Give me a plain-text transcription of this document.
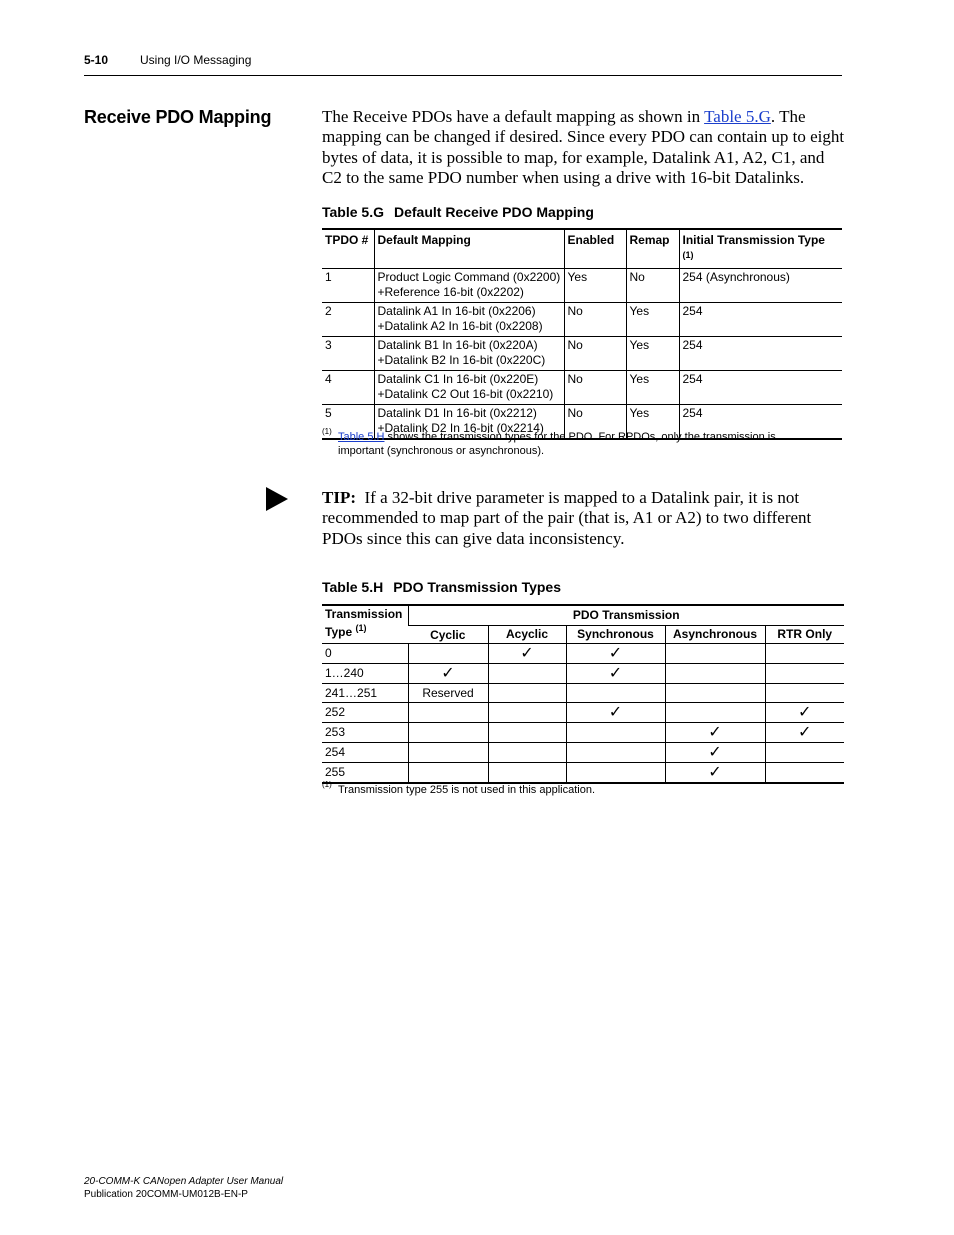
5-10	Using I/O Messaging
Receive PDO Mapping	The Receive PDOs have a default mapping as shown in Table 5.G. The mapping can be changed if desired. Since every PDO can contain up to eight bytes of data, it is possible to map, for example, Datalink A1, A2, C1, and C2 to the same PDO number when using a drive with 16-bit Datalinks.
Table 5.G Default Receive PDO Mapping
TPDO #	Default Mapping	Enabled	Remap	Initial Transmission Type $^{(1)}$
1	Product Logic Command (0x2200)
+Reference 16-bit (0x2202)	Yes	No	254 (Asynchronous)
2	Datalink A1 In 16-bit (0x2206)
+Datalink A2 In 16-bit (0x2208)	No	Yes	254
3	Datalink B1 In 16-bit (0x220A)
+Datalink B2 In 16-bit (0x220C)	No	Yes	254
4	Datalink C1 In 16-bit (0x220E)
+Datalink C2 Out 16-bit (0x2210)	No	Yes	254
5	Datalink D1 In 16-bit (0x2212)
+Datalink D2 In 16-bit (0x2214)	No	Yes	254
(1) Table 5.H shows the transmission types for the PDO. For RPDOs, only the transmission is important (synchronous or asynchronous).
TIP: If a 32-bit drive parameter is mapped to a Datalink pair, it is not recommended to map part of the pair (that is, A1 or A2) to two different PDOs since this can give data inconsistency.
Table 5.H PDO Transmission Types
Transmission
Type $^{(1)}$	PDO Transmission				
	Cyclic	Acyclic	Synchronous	Asynchronous	RTR Only
0		✓	✓		
1…240	✓		✓		
241…251	Reserved				
252			✓		✓
253				✓	✓
254				✓	
255				✓	
(1) Transmission type 255 is not used in this application.
20-COMM-K CANopen Adapter User Manual
Publication 20COMM-UM012B-EN-P
